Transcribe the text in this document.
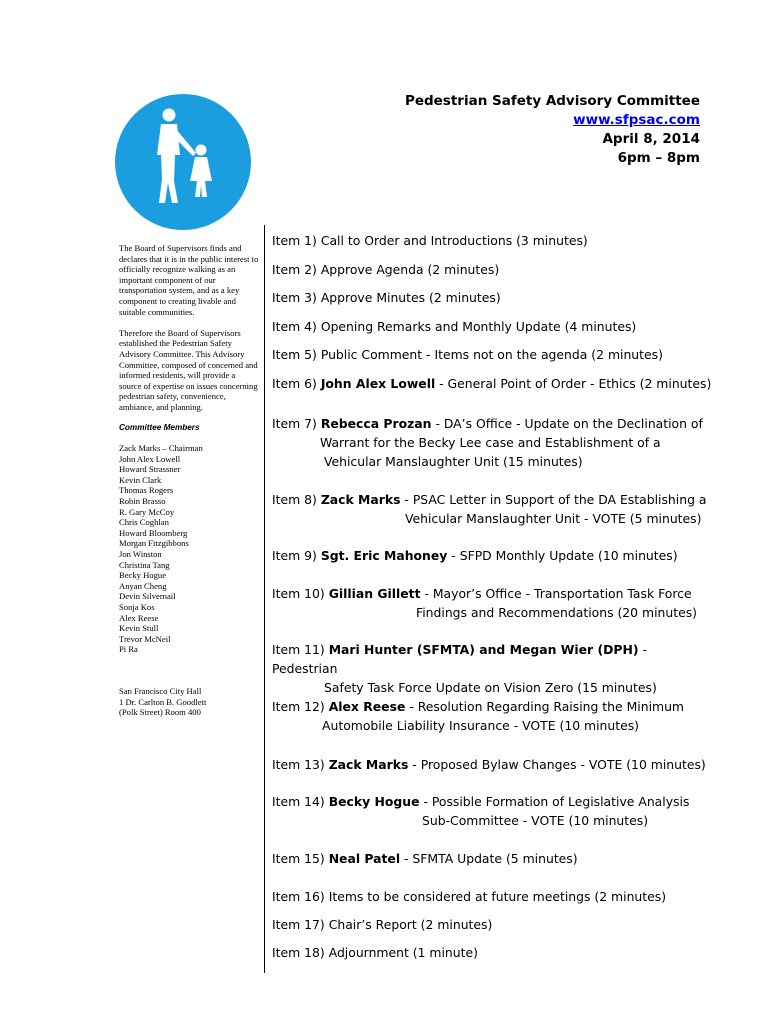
Pedestrian Safety Advisory Committee
www.sfpsac.com
April 8, 2014
6pm – 8pm

The Board of Supervisors finds and declares that it is in the public interest to officially recognize walking as an important component of our transportation system, and as a key component to creating livable and suitable communities.

Therefore the Board of Supervisors established the Pedestrian Safety Advisory Committee. This Advisory Committee, composed of concerned and informed residents, will provide a source of expertise on issues concerning pedestrian safety, convenience, ambiance, and planning.

Committee Members

Zack Marks – Chairman
John Alex Lowell
Howard Strassner
Kevin Clark
Thomas Rogers
Robin Brasso
R. Gary McCoy
Chris Coghlan
Howard Bloomberg
Morgan Fitzgibbons
Jon Winston
Christina Tang
Becky Hogue
Anyan Cheng
Devin Silvernail
Sonja Kos
Alex Reese
Kevin Stull
Trevor McNeil
Pi Ra

San Francisco City Hall
1 Dr. Carlton B. Goodlett
(Polk Street) Room 400

Item 1) Call to Order and Introductions (3 minutes)
Item 2) Approve Agenda (2 minutes)
Item 3) Approve Minutes (2 minutes)
Item 4) Opening Remarks and Monthly Update (4 minutes)
Item 5) Public Comment - Items not on the agenda (2 minutes)
Item 6) John Alex Lowell - General Point of Order - Ethics (2 minutes)
Item 7) Rebecca Prozan - DA’s Office - Update on the Declination of
Warrant for the Becky Lee case and Establishment of a
Vehicular Manslaughter Unit (15 minutes)
Item 8) Zack Marks - PSAC Letter in Support of the DA Establishing a
Vehicular Manslaughter Unit - VOTE (5 minutes)
Item 9) Sgt. Eric Mahoney - SFPD Monthly Update (10 minutes)
Item 10) Gillian Gillett - Mayor’s Office - Transportation Task Force
Findings and Recommendations (20 minutes)
Item 11) Mari Hunter (SFMTA) and Megan Wier (DPH) - Pedestrian
Safety Task Force Update on Vision Zero (15 minutes)
Item 12) Alex Reese - Resolution Regarding Raising the Minimum
Automobile Liability Insurance - VOTE (10 minutes)
Item 13) Zack Marks - Proposed Bylaw Changes - VOTE (10 minutes)
Item 14) Becky Hogue - Possible Formation of Legislative Analysis
Sub-Committee - VOTE (10 minutes)
Item 15) Neal Patel - SFMTA Update (5 minutes)
Item 16) Items to be considered at future meetings (2 minutes)
Item 17) Chair’s Report (2 minutes)
Item 18) Adjournment (1 minute)
